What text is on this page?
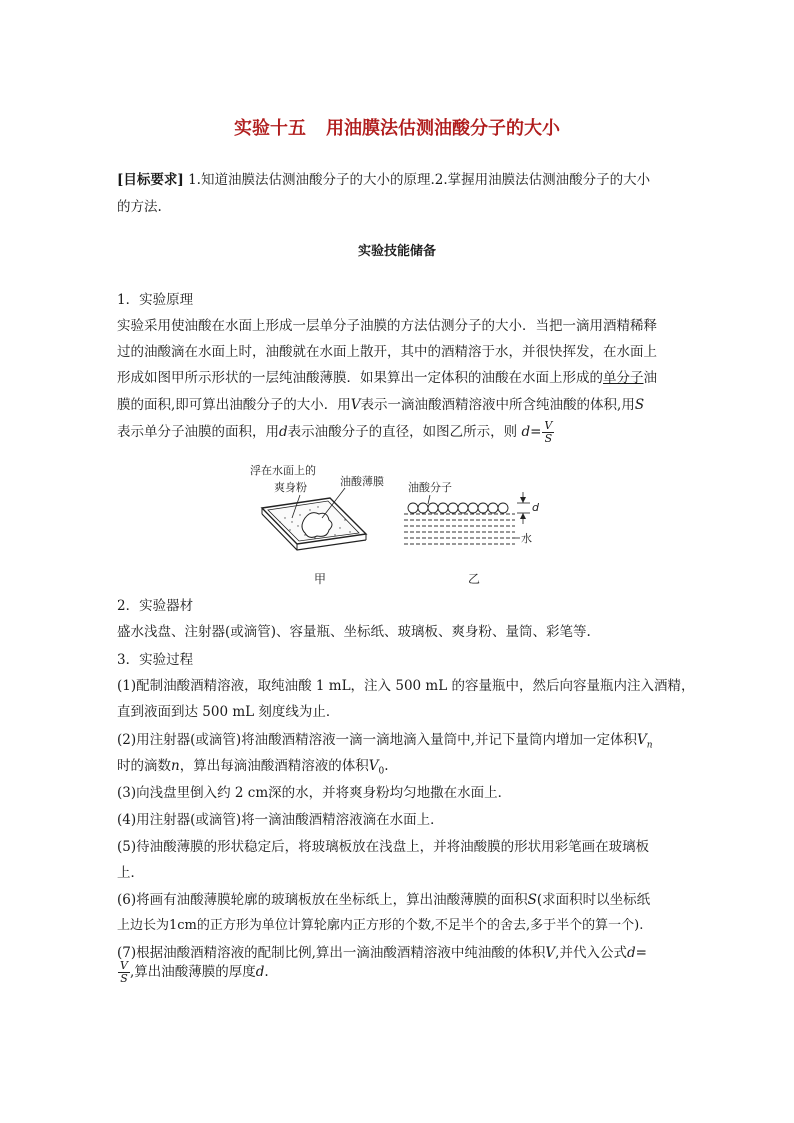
实验十五 用油膜法估测油酸分子的大小
[目标要求] 1.知道油膜法估测油酸分子的大小的原理.2.掌握用油膜法估测油酸分子的大小
的方法.
实验技能储备
1．实验原理
实验采用使油酸在水面上形成一层单分子油膜的方法估测分子的大小．当把一滴用酒精稀释
过的油酸滴在水面上时，油酸就在水面上散开，其中的酒精溶于水，并很快挥发，在水面上
形成如图甲所示形状的一层纯油酸薄膜．如果算出一定体积的油酸在水面上形成的单分子油
膜的面积,即可算出油酸分子的大小．用V表示一滴油酸酒精溶液中所含纯油酸的体积,用S
表示单分子油膜的面积，用d表示油酸分子的直径，如图乙所示，则 $d= \frac{V}{S}$
浮在水面上的
爽身粉	油酸薄膜
甲
油酸分子
d
水
乙
2．实验器材
盛水浅盘、注射器(或滴管)、容量瓶、坐标纸、玻璃板、爽身粉、量筒、彩笔等.
3．实验过程
(1)配制油酸酒精溶液，取纯油酸 1 mL，注入 500 mL 的容量瓶中，然后向容量瓶内注入酒精，
直到液面到达 500 mL 刻度线为止．
(2)用注射器(或滴管)将油酸酒精溶液一滴一滴地滴入量筒中,并记下量筒内增加一定体积$V_n$
时的滴数n，算出每滴油酸酒精溶液的体积$V_0$.
(3)向浅盘里倒入约 2 cm深的水，并将爽身粉均匀地撒在水面上．
(4)用注射器(或滴管)将一滴油酸酒精溶液滴在水面上．
(5)待油酸薄膜的形状稳定后，将玻璃板放在浅盘上，并将油酸膜的形状用彩笔画在玻璃板
上．
(6)将画有油酸薄膜轮廓的玻璃板放在坐标纸上，算出油酸薄膜的面积S(求面积时以坐标纸
上边长为1cm的正方形为单位计算轮廓内正方形的个数,不足半个的舍去,多于半个的算一个).
(7)根据油酸酒精溶液的配制比例,算出一滴油酸酒精溶液中纯油酸的体积V,并代入公式d=
$\frac{V}{S}$ ,算出油酸薄膜的厚度d.
